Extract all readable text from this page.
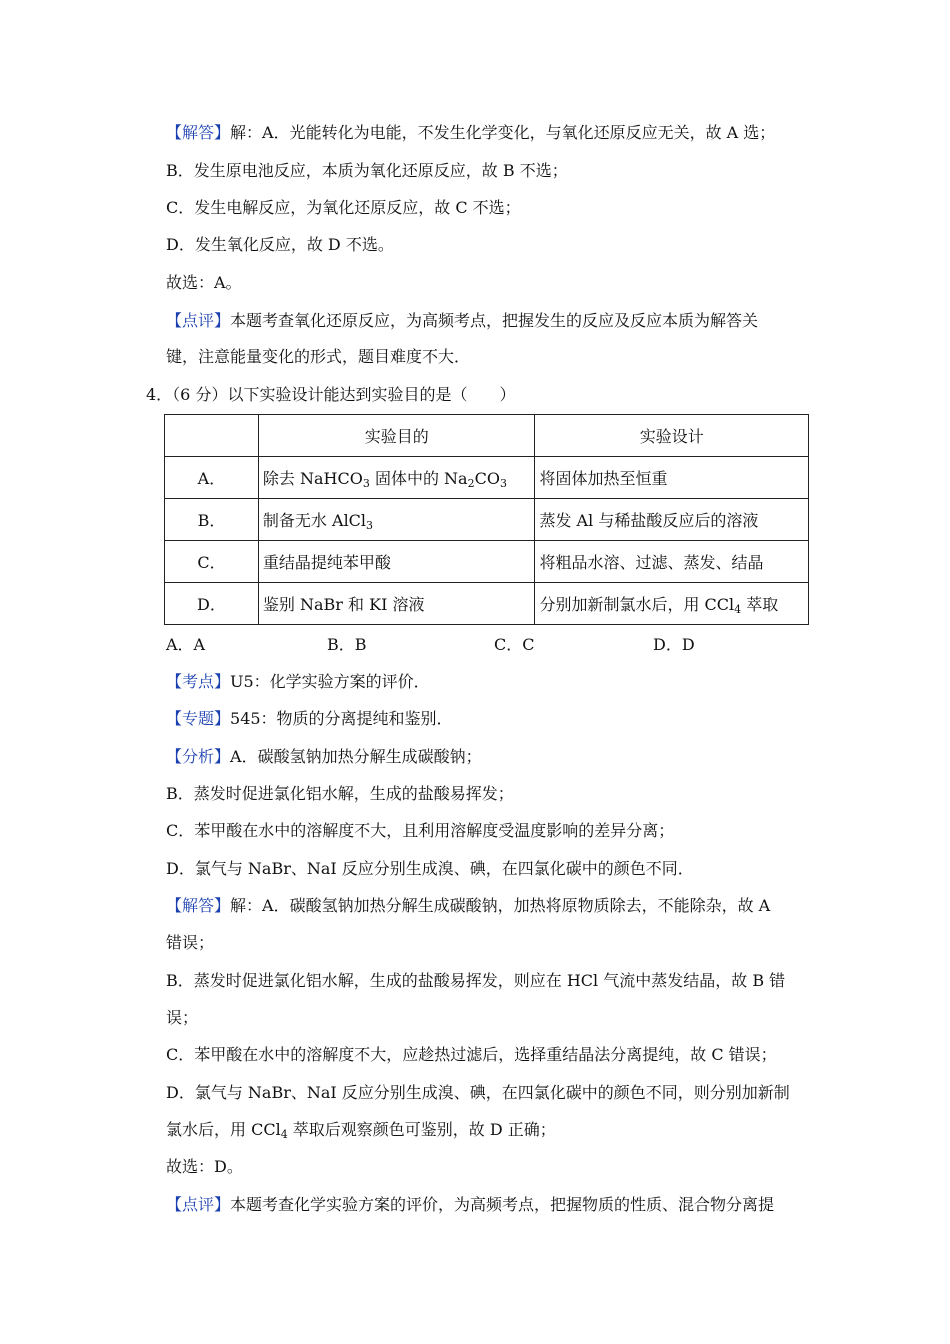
【解答】解：A．光能转化为电能，不发生化学变化，与氧化还原反应无关，故 A 选；
B．发生原电池反应，本质为氧化还原反应，故 B 不选；
C．发生电解反应，为氧化还原反应，故 C 不选；
D．发生氧化反应，故 D 不选。
故选：A。
【点评】本题考查氧化还原反应，为高频考点，把握发生的反应及反应本质为解答关
键，注意能量变化的形式，题目难度不大．
4．（6 分）以下实验设计能达到实验目的是（　　）
	实验目的	实验设计
A．	除去 NaHCO$_3$ 固体中的 $Na_2CO_3$	将固体加热至恒重
B．	制备无水 AlCl$_3$	蒸发 Al 与稀盐酸反应后的溶液
C．	重结晶提纯苯甲酸	将粗品水溶、过滤、蒸发、结晶
D．	鉴别 NaBr 和 KI 溶液	分别加新制氯水后，用 CCl$_4$ 萃取
A．A	B．B	C．C	D．D
【考点】U5：化学实验方案的评价．
【专题】545：物质的分离提纯和鉴别．
【分析】A．碳酸氢钠加热分解生成碳酸钠；
B．蒸发时促进氯化铝水解，生成的盐酸易挥发；
C．苯甲酸在水中的溶解度不大，且利用溶解度受温度影响的差异分离；
D．氯气与 NaBr、NaI 反应分别生成溴、碘，在四氯化碳中的颜色不同．
【解答】解：A．碳酸氢钠加热分解生成碳酸钠，加热将原物质除去，不能除杂，故 A
错误；
B．蒸发时促进氯化铝水解，生成的盐酸易挥发，则应在 HCl 气流中蒸发结晶，故 B 错
误；
C．苯甲酸在水中的溶解度不大，应趁热过滤后，选择重结晶法分离提纯，故 C 错误；
D．氯气与 NaBr、NaI 反应分别生成溴、碘，在四氯化碳中的颜色不同，则分别加新制
氯水后，用 CCl$_4$ 萃取后观察颜色可鉴别，故 D 正确；
故选：D。
【点评】本题考查化学实验方案的评价，为高频考点，把握物质的性质、混合物分离提
